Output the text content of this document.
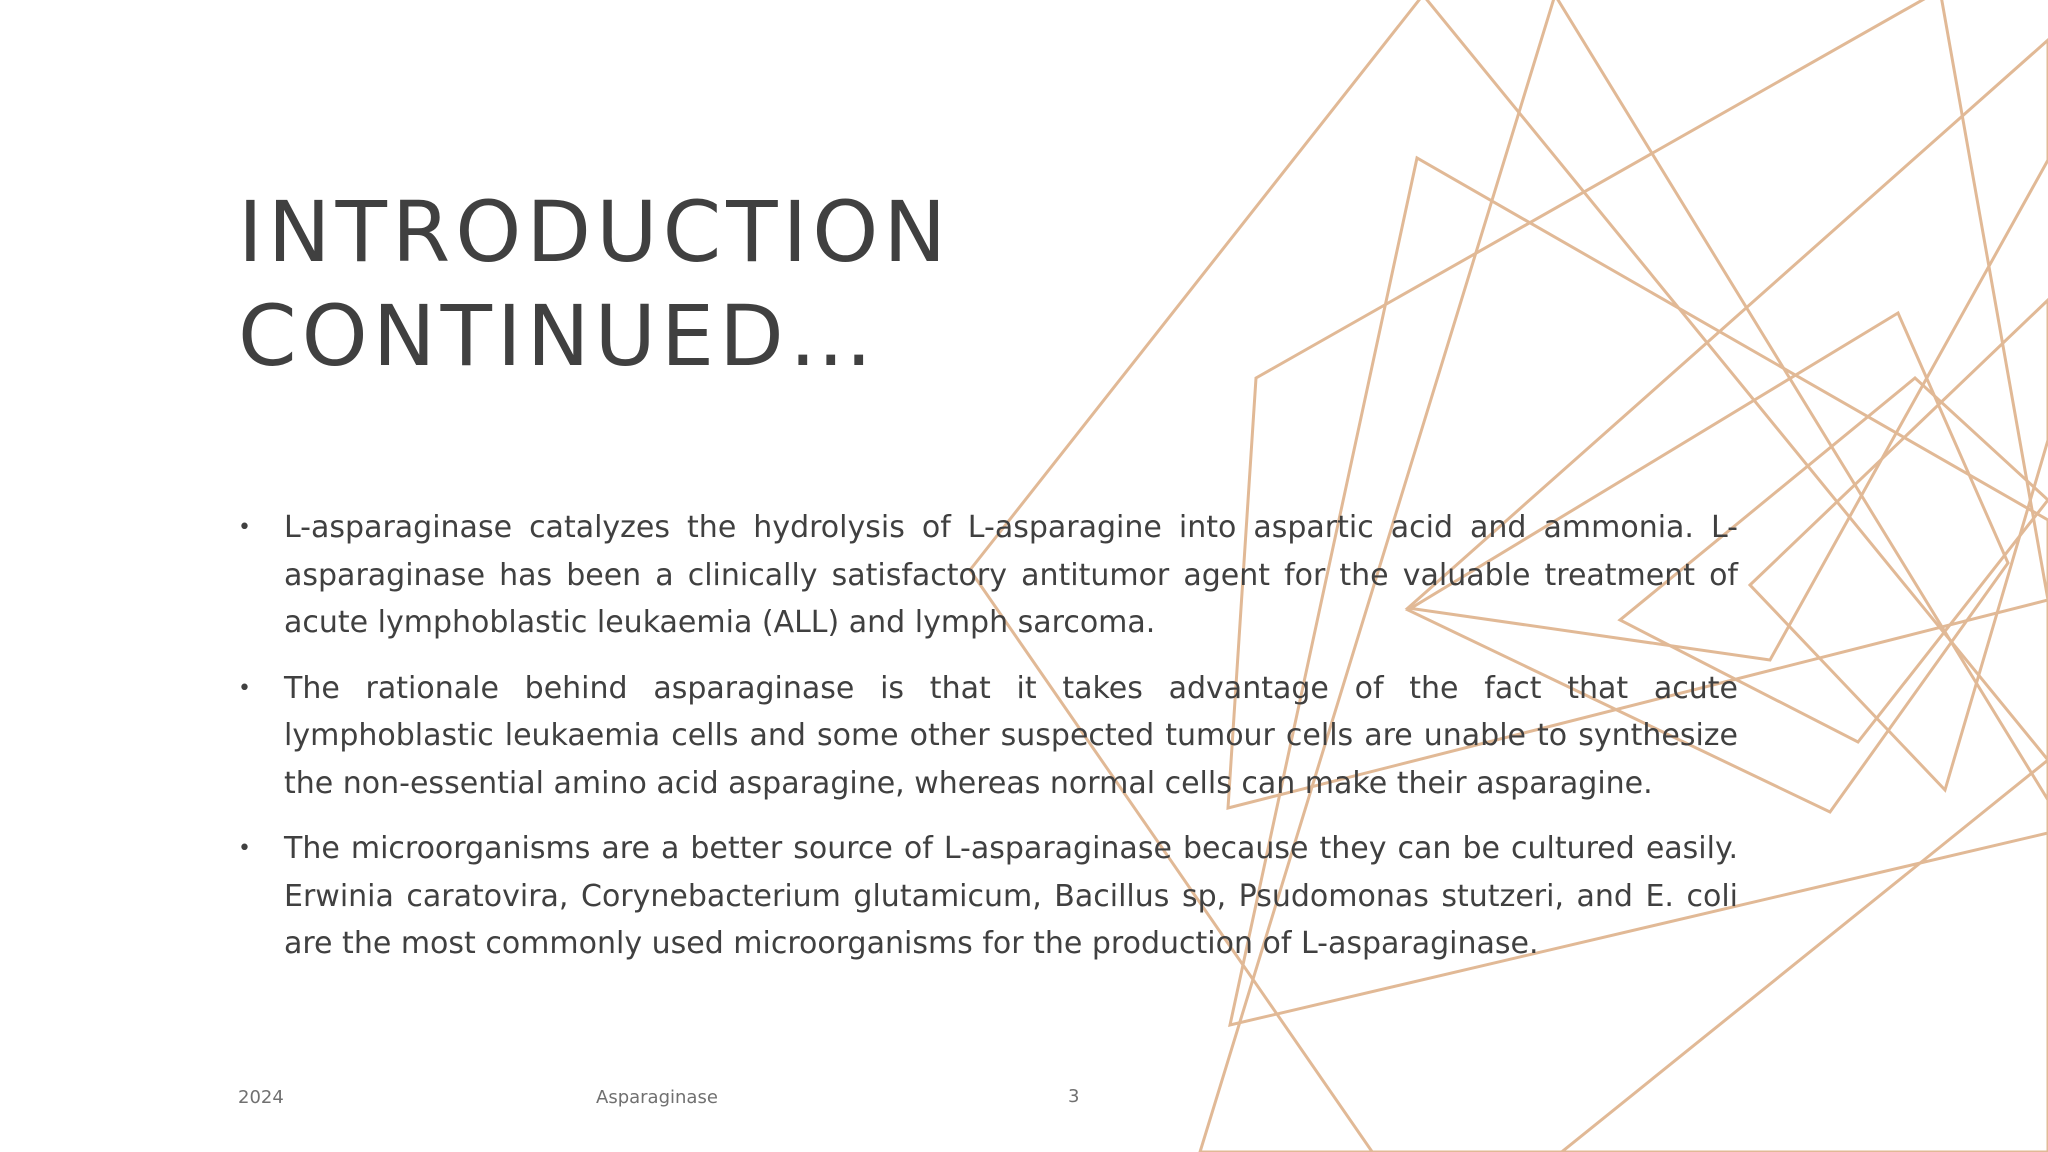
INTRODUCTION
CONTINUED…
• L-asparaginase catalyzes the hydrolysis of L-asparagine into aspartic acid and ammonia. L-asparaginase has been a clinically satisfactory antitumor agent for the valuable treatment of acute lymphoblastic leukaemia (ALL) and lymph sarcoma.
• The rationale behind asparaginase is that it takes advantage of the fact that acute lymphoblastic leukaemia cells and some other suspected tumour cells are unable to synthesize the non-essential amino acid asparagine, whereas normal cells can make their asparagine.
• The microorganisms are a better source of L-asparaginase because they can be cultured easily. Erwinia caratovira, Corynebacterium glutamicum, Bacillus sp, Psudomonas stutzeri, and E. coli are the most commonly used microorganisms for the production of L-asparaginase.
2024	Asparaginase	3
